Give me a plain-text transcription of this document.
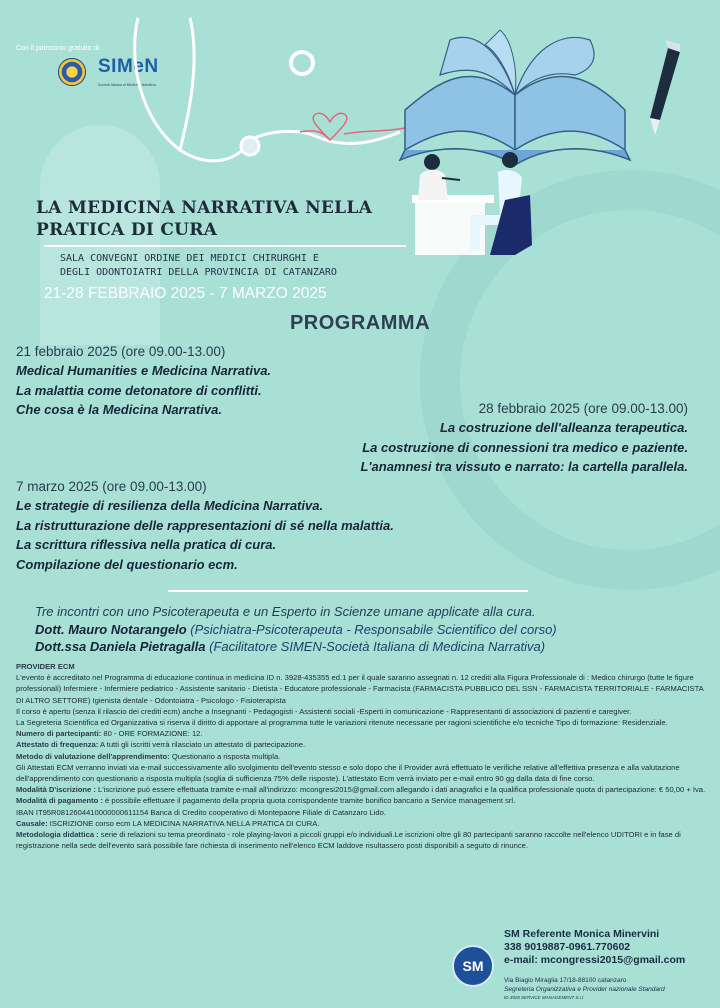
Con il patrocinio gratuito di:
SIMeN
Società Italiana di Medicina Narrativa
LA MEDICINA NARRATIVA NELLA PRATICA DI CURA
SALA CONVEGNI ORDINE DEI MEDICI CHIRURGHI E
DEGLI ODONTOIATRI DELLA PROVINCIA DI CATANZARO
21-28 FEBBRAIO 2025 - 7 MARZO 2025
PROGRAMMA
21 febbraio 2025 (ore 09.00-13.00)
Medical Humanities e Medicina Narrativa.
La malattia come detonatore di conflitti.
Che cosa è la Medicina Narrativa.	28 febbraio 2025 (ore 09.00-13.00)
La costruzione dell'alleanza terapeutica.
La costruzione di connessioni tra medico e paziente.
L'anamnesi tra vissuto e narrato: la cartella parallela.
7 marzo 2025 (ore 09.00-13.00)
Le strategie di resilienza della Medicina Narrativa.
La ristrutturazione delle rappresentazioni di sé nella malattia.
La scrittura riflessiva nella pratica di cura.
Compilazione del questionario ecm.
Tre incontri con uno Psicoterapeuta e un Esperto in Scienze umane applicate alla cura.
Dott. Mauro Notarangelo (Psichiatra-Psicoterapeuta - Responsabile Scientifico del corso)
Dott.ssa Daniela Pietragalla (Facilitatore SIMEN-Società Italiana di Medicina Narrativa)

PROVIDER ECM

L'evento è accreditato nel Programma di educazione continua in medicina ID n. 3928-435355 ed.1 per il quale saranno assegnati n. 12 crediti alla Figura Professionale di : Medico chirurgo (tutte le figure professionali) Infermiere - Infermiere pediatrico - Assistente sanitario - Dietista - Educatore professionale - Farmacista (FARMACISTA PUBBLICO DEL SSN - FARMACISTA TERRITORIALE - FARMACISTA DI ALTRO SETTORE) Igienista dentale - Odontoiatra - Psicologo - Fisioterapista

Il corso è aperto (senza il rilascio dei crediti ecm) anche a Insegnanti - Pedagogisti - Assistenti sociali -Esperti in comunicazione - Rappresentanti di associazioni di pazienti e caregiver.

La Segreteria Scientifica ed Organizzativa si riserva il diritto di apportare al programma tutte le variazioni ritenute necessarie per ragioni scientifiche e/o tecniche Tipo di formazione: Residenziale.

Numero di partecipanti: 80 - ORE FORMAZIONE: 12.

Attestato di frequenza: A tutti gli iscritti verrà rilasciato un attestato di partecipazione.

Metodo di valutazione dell'apprendimento: Questionario a risposta multipla.

Gli Attestati ECM verranno inviati via e-mail successivamente allo svolgimento dell'evento stesso e solo dopo che il Provider avrà effettuato le verifiche relative all'effettiva presenza e alla valutazione dell'apprendimento con questionario a risposta multipla (soglia di sufficienza 75% delle risposte). L'attestato Ecm verrà inviato per e-mail entro 90 gg dalla data di fine corso.

Modalità D'iscrizione : L'iscrizione può essere effettuata tramite e-mail all'indirizzo: mcongresi2015@gmail.com allegando i dati anagrafici e la qualifica professionale quota di partecipazione: € 50,00 + Iva.

Modalità di pagamento : è possibile effettuare il pagamento della propria quota corrispondente tramite bonifico bancario a Service management srl.

IBAN IT95R0812604410000000611154 Banca di Credito cooperativo di Montepaone Filiale di Catanzaro Lido.

Causale: ISCRIZIONE corso ecm LA MEDICINA NARRATIVA NELLA PRATICA DI CURA.

Metodologia didattica : serie di relazioni su tema preordinato - role playing-lavori a piccoli gruppi e/o individuali.Le iscrizioni oltre gli 80 partecipanti saranno raccolte nell'elenco UDITORI e in fase di registrazione nella sede dell'evento sarà possibile fare richiesta di inserimento nell'elenco ECM laddove risultassero posti disponibili a seguito di rinunce.

SM
SM Referente Monica Minervini
338 9019887-0961.770602
e-mail: mcongressi2015@gmail.com
Via Biagio Miraglia 17/18-88100 catanzaro
Segreteria Organizzativa e Provider nazionale Standard
ID 3928 SERVICE MANAGEMENT S.r.l
